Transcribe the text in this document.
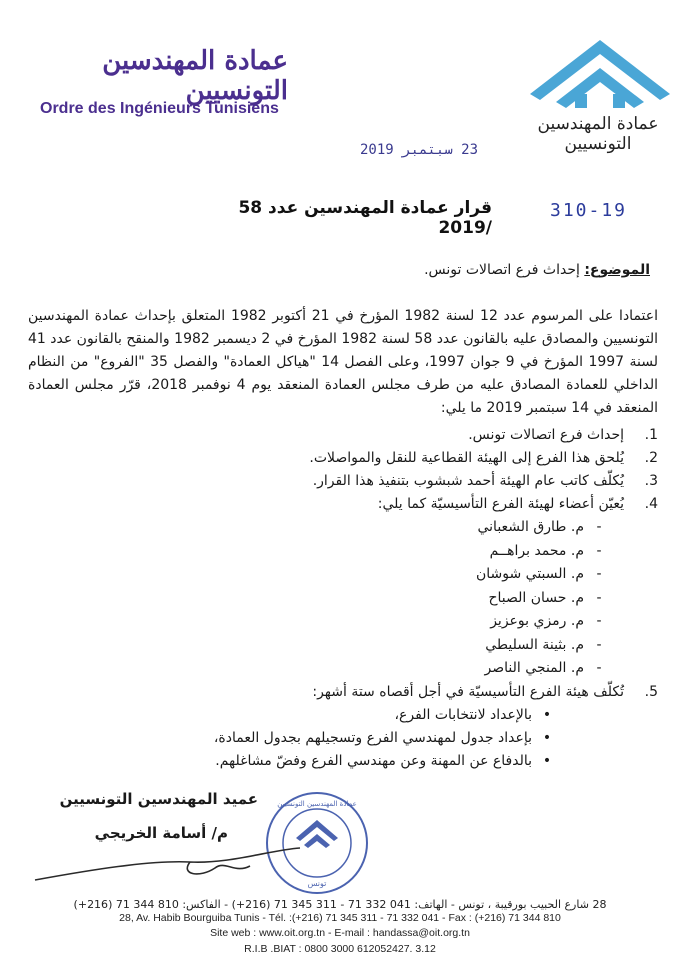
عمادة المهندسين التونسيين
Ordre des Ingénieurs Tunisiens
عمادة المهندسين التونسيين
23 سبتمبر 2019
قرار عمادة المهندسين عدد 58 /2019
310-19
الموضوع: إحداث فرع اتصالات تونس.
اعتمادا على المرسوم عدد 12 لسنة 1982 المؤرخ في 21 أكتوبر 1982 المتعلق بإحداث عمادة المهندسين التونسيين والمصادق عليه بالقانون عدد 58 لسنة 1982 المؤرخ في 2 ديسمبر 1982 والمنقح بالقانون عدد 41 لسنة 1997 المؤرخ في 9 جوان 1997، وعلى الفصل 14 "هياكل العمادة" والفصل 35 "الفروع" من النظام الداخلي للعمادة المصادق عليه من طرف مجلس العمادة المنعقد يوم 4 نوفمبر 2018، قرّر مجلس العمادة المنعقد في 14 سبتمبر 2019 ما يلي:
1.
إحداث فرع اتصالات تونس.
2.
يُلحق هذا الفرع إلى الهيئة القطاعية للنقل والمواصلات.
3.
يُكلّف كاتب عام الهيئة أحمد شبشوب بتنفيذ هذا القرار.
4.
يُعيّن أعضاء لهيئة الفرع التأسيسيّة كما يلي:
-
م. طارق الشعباني
-
م. محمد براهــم
-
م. السبتي شوشان
-
م. حسان الصباح
-
م. رمزي بوعزيز
-
م. بثينة السليطي
-
م. المنجي الناصر
5.
تُكلّف هيئة الفرع التأسيسيّة في أجل أقصاه ستة أشهر:
•
بالإعداد لانتخابات الفرع،
•
بإعداد جدول لمهندسي الفرع وتسجيلهم بجدول العمادة،
•
بالدفاع عن المهنة وعن مهندسي الفرع وفضّ مشاغلهم.
عميد المهندسين التونسيين
م/ أسامة الخريجي
عمادة المهندسين التونسيين
تونس
28 شارع الحبيب بورقيبة ، تونس - الهاتف: 041 332 71 - 311 345 71 (216+) - الفاكس: 810 344 71 (216+)
28, Av. Habib Bourguiba Tunis - Tél. :(+216) 71 345 311 - 71 332 041 - Fax : (+216) 71 344 810
Site web : www.oit.org.tn - E-mail : handassa@oit.org.tn
R.I.B .BIAT : 0800 3000 612052427. 3.12
